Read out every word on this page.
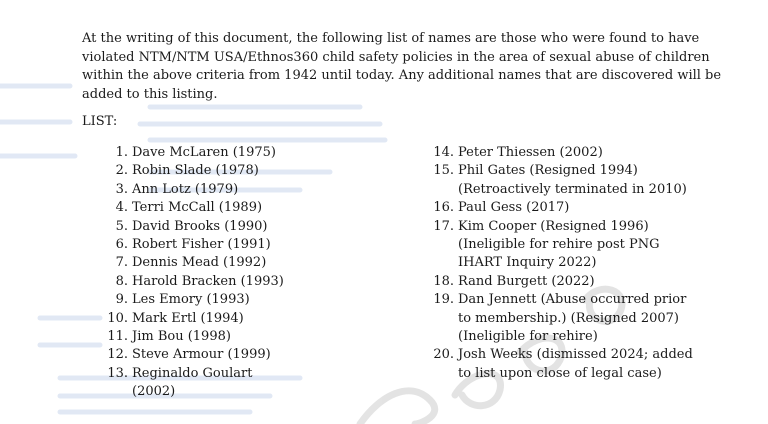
At the writing of this document, the following list of names are those who were found to have violated NTM/NTM USA/Ethnos360 child safety policies in the area of sexual abuse of children within the above criteria from 1942 until today. Any additional names that are discovered will be added to this listing.

LIST:

1. Dave McLaren (1975)
2. Robin Slade (1978)
3. Ann Lotz (1979)
4. Terri McCall (1989)
5. David Brooks (1990)
6. Robert Fisher (1991)
7. Dennis Mead (1992)
8. Harold Bracken (1993)
9. Les Emory (1993)
10. Mark Ertl (1994)
11. Jim Bou (1998)
12. Steve Armour (1999)
13. Reginaldo Goulart
(2002)
14. Peter Thiessen (2002)
15. Phil Gates (Resigned 1994)
(Retroactively terminated in 2010)
16. Paul Gess (2017)
17. Kim Cooper (Resigned 1996)
(Ineligible for rehire post PNG
IHART Inquiry 2022)
18. Rand Burgett (2022)
19. Dan Jennett (Abuse occurred prior
to membership.) (Resigned 2007)
(Ineligible for rehire)
20. Josh Weeks (dismissed 2024; added
to list upon close of legal case)
